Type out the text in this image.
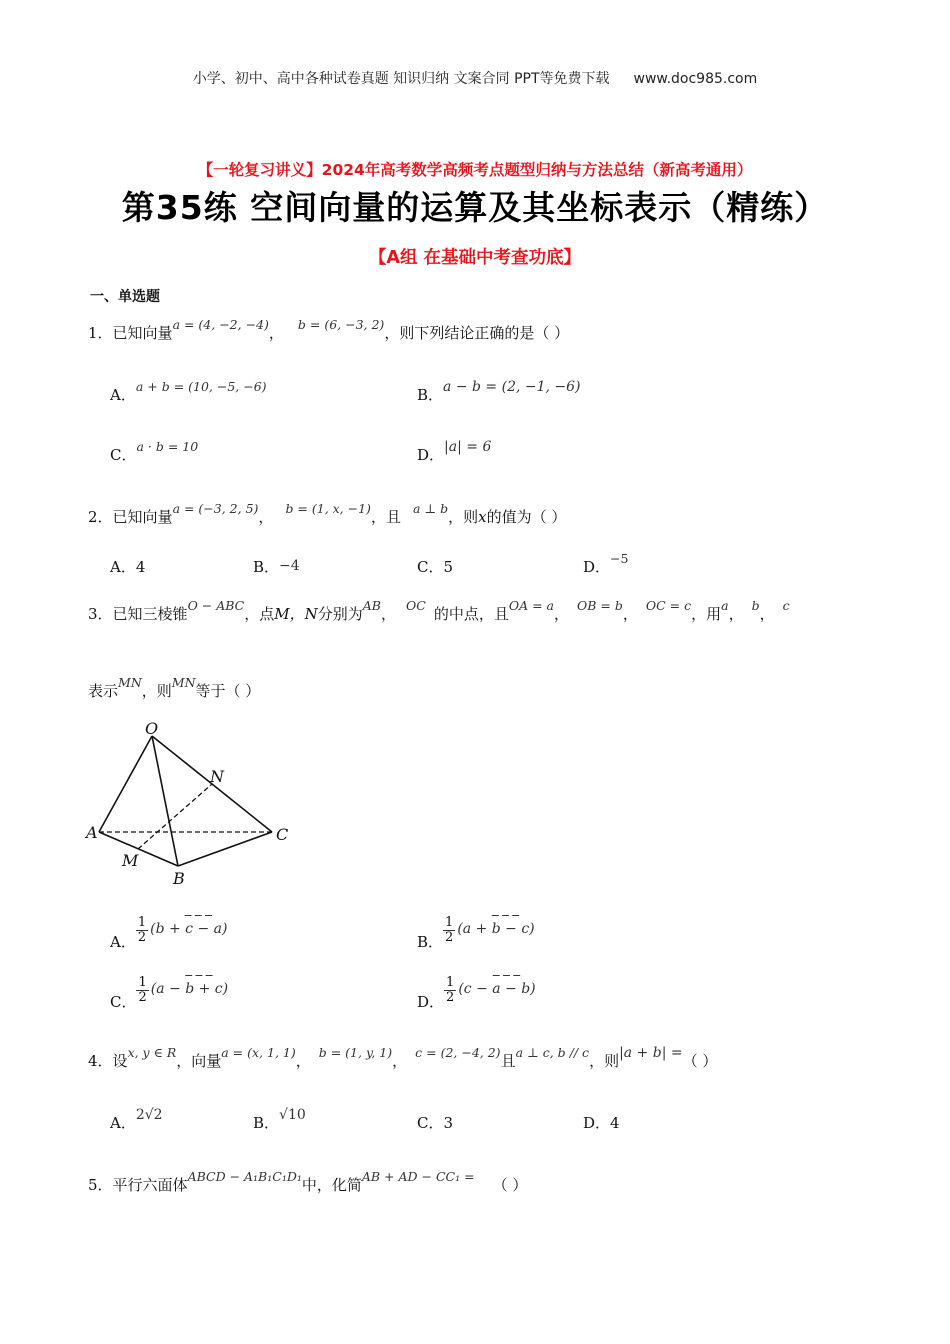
小学、初中、高中各种试卷真题 知识归纳 文案合同 PPT等免费下载 www.doc985.com
【一轮复习讲义】2024年高考数学高频考点题型归纳与方法总结（新高考通用）
第35练 空间向量的运算及其坐标表示（精练）
【A组 在基础中考查功底】
一、单选题
1．已知向量$^{a = (4, -2, -4)}$， $^{b = (6, -3, 2)}$，则下列结论正确的是（ ）
A．$^{a + b = (10, -5, -6)}$	B．a − b = (2, −1, −6)
C．$^{a \cdot b = 10}$	D．|a| = 6
2．已知向量$^{a = (-3, 2, 5)}$， $^{b = (1, x, -1)}$，且 $^{a \perp b}$，则x的值为（ ）
A．4	B．−4	C．5	D．$^{-5}$
3．已知三棱锥$^{O - ABC}$，点M，N分别为$^{AB}$， $^{OC}$ 的中点，且$^{OA = a}$， $^{OB = b}$， $^{OC = c}$，用$^a$， $^b$， $^c$
表示$^{MN}$，则$^{MN}$等于（ ）
O
A
B
C
M
N
A． $\frac{1}{2} (b + c - a)^{---}$
B． $\frac{1}{2} (a + b - c)^{---}$
C． $\frac{1}{2} (a - b + c)^{---}$
D． $\frac{1}{2} (c - a - b)^{---}$
4．设$^{x, y \in R}$，向量$^{a = (x, 1, 1)}$， $^{b = (1, y, 1)}$， $^{c = (2, -4, 2)}$且$^{a \perp c, b // c}$，则|a + b| =（ ）
A．2√2	B．√10	C．3	D．4
5．平行六面体$^{ABCD - A_1B_1C_1D_1}$中，化简$^{AB + AD - CC_1 =}$ （ ）
